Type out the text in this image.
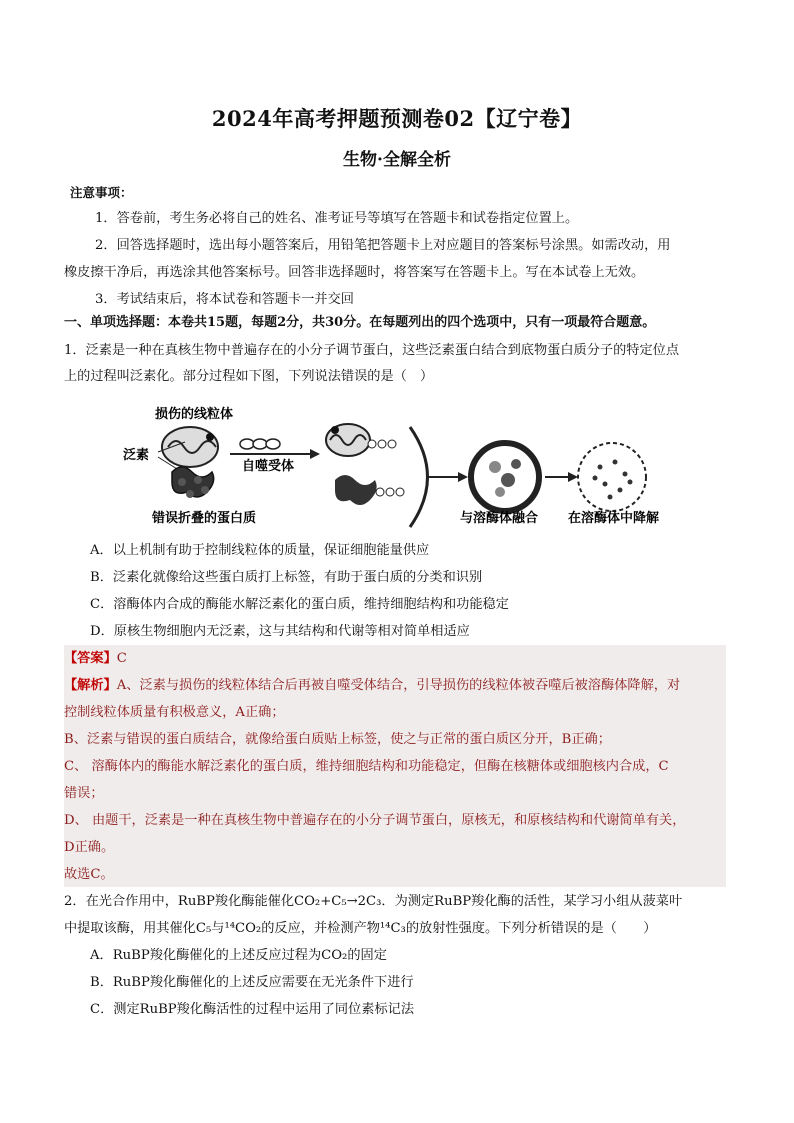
2024年高考押题预测卷02【辽宁卷】
生物·全解全析
注意事项：
1．答卷前，考生务必将自己的姓名、准考证号等填写在答题卡和试卷指定位置上。
2．回答选择题时，选出每小题答案后，用铅笔把答题卡上对应题目的答案标号涂黑。如需改动，用
橡皮擦干净后，再选涂其他答案标号。回答非选择题时，将答案写在答题卡上。写在本试卷上无效。
3．考试结束后，将本试卷和答题卡一并交回
一、单项选择题：本卷共15题，每题2分，共30分。在每题列出的四个选项中，只有一项最符合题意。
1．泛素是一种在真核生物中普遍存在的小分子调节蛋白，这些泛素蛋白结合到底物蛋白质分子的特定位点
上的过程叫泛素化。部分过程如下图，下列说法错误的是（　）
损伤的线粒体
泛素
错误折叠的蛋白质
自噬受体
与溶酶体融合 在溶酶体中降解
A．以上机制有助于控制线粒体的质量，保证细胞能量供应
B．泛素化就像给这些蛋白质打上标签，有助于蛋白质的分类和识别
C．溶酶体内合成的酶能水解泛素化的蛋白质，维持细胞结构和功能稳定
D．原核生物细胞内无泛素，这与其结构和代谢等相对简单相适应
【答案】C
【解析】A、泛素与损伤的线粒体结合后再被自噬受体结合，引导损伤的线粒体被吞噬后被溶酶体降解，对
控制线粒体质量有积极意义，A正确；
B、泛素与错误的蛋白质结合，就像给蛋白质贴上标签，使之与正常的蛋白质区分开，B正确；
C、 溶酶体内的酶能水解泛素化的蛋白质，维持细胞结构和功能稳定，但酶在核糖体或细胞核内合成，C
错误；
D、 由题干，泛素是一种在真核生物中普遍存在的小分子调节蛋白，原核无，和原核结构和代谢简单有关，
D正确。
故选C。
2．在光合作用中，RuBP羧化酶能催化CO₂+C₅→2C₃．为测定RuBP羧化酶的活性，某学习小组从菠菜叶
中提取该酶，用其催化C₅与¹⁴CO₂的反应，并检测产物¹⁴C₃的放射性强度。下列分析错误的是（　　）
A．RuBP羧化酶催化的上述反应过程为CO₂的固定
B．RuBP羧化酶催化的上述反应需要在无光条件下进行
C．测定RuBP羧化酶活性的过程中运用了同位素标记法
